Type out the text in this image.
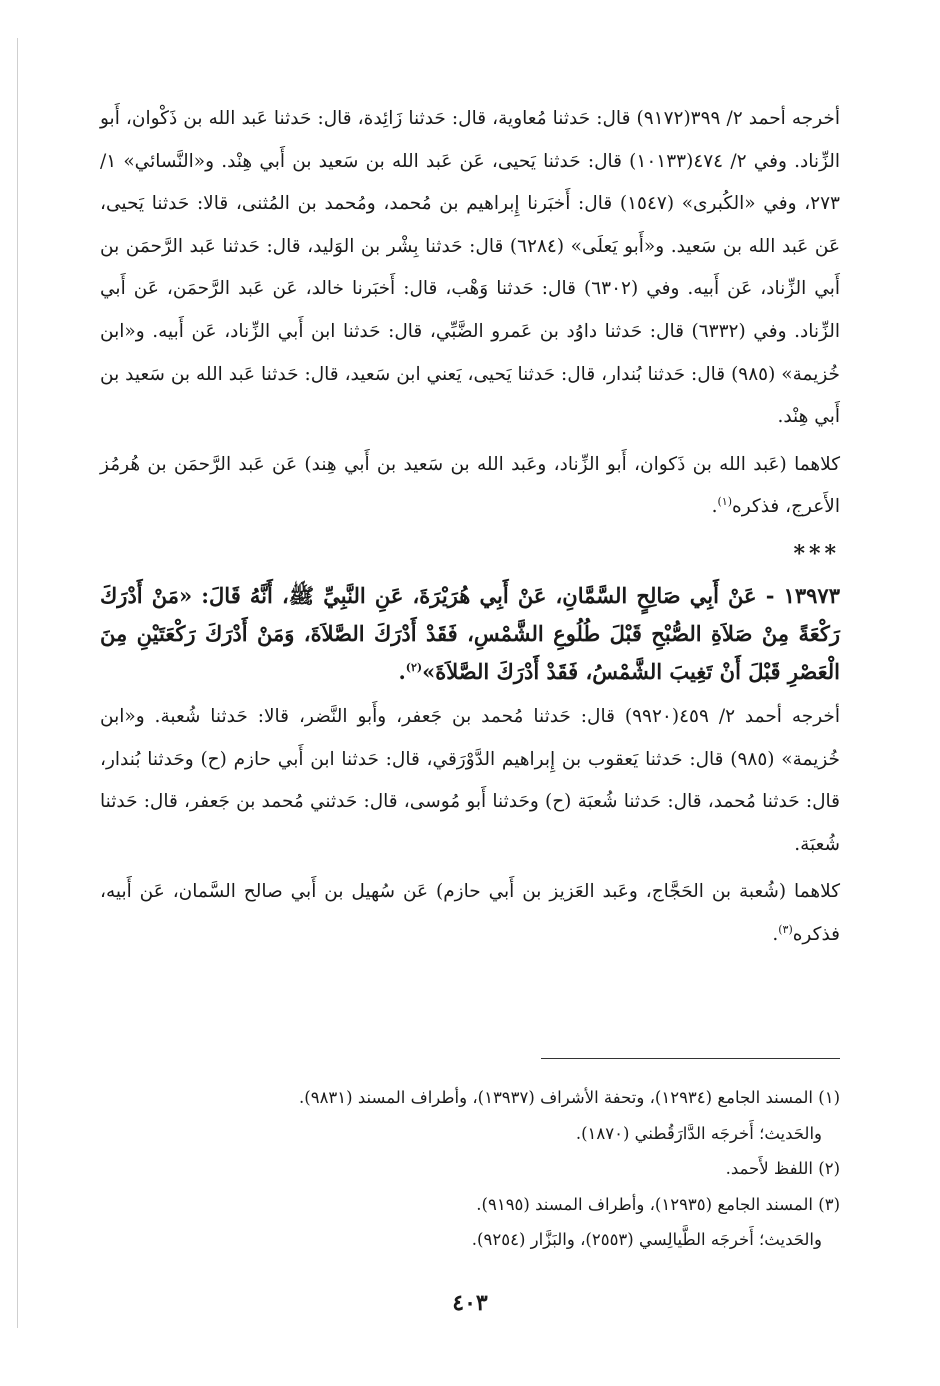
أخرجه أحمد ٢/ ٣٩٩(٩١٧٢) قال: حَدثنا مُعاوية، قال: حَدثنا زَائِدة، قال: حَدثنا عَبد الله بن ذَكْوان، أَبو الزِّناد. وفي ٢/ ٤٧٤(١٠١٣٣) قال: حَدثنا يَحيى، عَن عَبد الله بن سَعيد بن أَبي هِنْد. و«النَّسائي» ١/ ٢٧٣، وفي «الكُبرى» (١٥٤٧) قال: أَخبَرنا إِبراهيم بن مُحمد، ومُحمد بن المُثنى، قالا: حَدثنا يَحيى، عَن عَبد الله بن سَعيد. و«أَبو يَعلَى» (٦٢٨٤) قال: حَدثنا بِشْر بن الوَليد، قال: حَدثنا عَبد الرَّحمَن بن أَبي الزِّناد، عَن أَبيه. وفي (٦٣٠٢) قال: حَدثنا وَهْب، قال: أَخبَرنا خالد، عَن عَبد الرَّحمَن، عَن أَبي الزِّناد. وفي (٦٣٣٢) قال: حَدثنا داوُد بن عَمرو الضَّبِّي، قال: حَدثنا ابن أَبي الزِّناد، عَن أَبيه. و«ابن خُزيمة» (٩٨٥) قال: حَدثنا بُندار، قال: حَدثنا يَحيى، يَعني ابن سَعيد، قال: حَدثنا عَبد الله بن سَعيد بن أَبي هِنْد.

كلاهما (عَبد الله بن ذَكوان، أَبو الزِّناد، وعَبد الله بن سَعيد بن أَبي هِند) عَن عَبد الرَّحمَن بن هُرمُز الأَعرج، فذكره$^{(١)}$.

***

١٣٩٧٣ - عَنْ أَبِي صَالِحٍ السَّمَّانِ، عَنْ أَبِي هُرَيْرَةَ، عَنِ النَّبِيِّ ﷺ، أَنَّهُ قَالَ: «مَنْ أَدْرَكَ رَكْعَةً مِنْ صَلاَةِ الصُّبْحِ قَبْلَ طُلُوعِ الشَّمْسِ، فَقَدْ أَدْرَكَ الصَّلاَةَ، وَمَنْ أَدْرَكَ رَكْعَتَيْنِ مِنَ الْعَصْرِ قَبْلَ أَنْ تَغِيبَ الشَّمْسُ، فَقَدْ أَدْرَكَ الصَّلاَةَ»$^{(٢)}$.

أخرجه أحمد ٢/ ٤٥٩(٩٩٢٠) قال: حَدثنا مُحمد بن جَعفر، وأَبو النَّضر، قالا: حَدثنا شُعبة. و«ابن خُزيمة» (٩٨٥) قال: حَدثنا يَعقوب بن إِبراهيم الدَّوْرَقي، قال: حَدثنا ابن أَبي حازم (ح) وحَدثنا بُندار، قال: حَدثنا مُحمد، قال: حَدثنا شُعبَة (ح) وحَدثنا أَبو مُوسى، قال: حَدثني مُحمد بن جَعفر، قال: حَدثنا شُعبَة.

كلاهما (شُعبة بن الحَجَّاج، وعَبد العَزيز بن أَبي حازم) عَن سُهيل بن أَبي صالح السَّمان، عَن أَبيه، فذكره$^{(٣)}$.

(١) المسند الجامع (١٢٩٣٤)، وتحفة الأشراف (١٣٩٣٧)، وأطراف المسند (٩٨٣١).

والحَديث؛ أَخرجَه الدَّارَقُطني (١٨٧٠).

(٢) اللفظ لأَحمد.

(٣) المسند الجامع (١٢٩٣٥)، وأطراف المسند (٩١٩٥).

والحَديث؛ أَخرجَه الطَّيالِسي (٢٥٥٣)، والبَزَّار (٩٢٥٤).

٤٠٣
